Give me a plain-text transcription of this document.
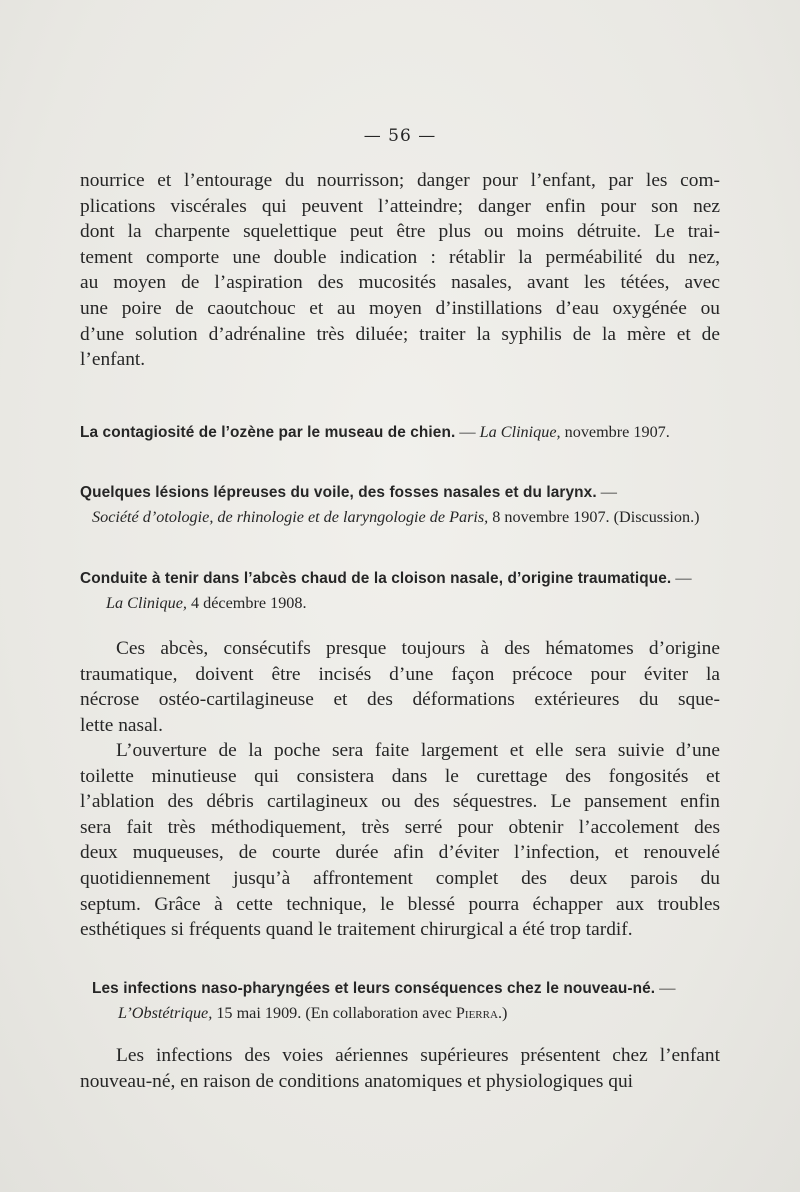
— 56 —

nourrice et l’entourage du nourrisson; danger pour l’enfant, par les com-
plications viscérales qui peuvent l’atteindre; danger enfin pour son nez
dont la charpente squelettique peut être plus ou moins détruite. Le trai-
tement comporte une double indication : rétablir la perméabilité du nez,
au moyen de l’aspiration des mucosités nasales, avant les tétées, avec
une poire de caoutchouc et au moyen d’instillations d’eau oxygénée ou
d’une solution d’adrénaline très diluée; traiter la syphilis de la mère et de
l’enfant.

La contagiosité de l’ozène par le museau de chien. — La Clinique, novembre 1907.
Quelques lésions lépreuses du voile, des fosses nasales et du larynx. —

Société d’otologie, de rhinologie et de laryngologie de Paris, 8 novembre 1907. (Discussion.)
Conduite à tenir dans l’abcès chaud de la cloison nasale, d’origine traumatique. —

La Clinique, 4 décembre 1908.

Ces abcès, consécutifs presque toujours à des hématomes d’origine
traumatique, doivent être incisés d’une façon précoce pour éviter la
nécrose ostéo-cartilagineuse et des déformations extérieures du sque-
lette nasal.

L’ouverture de la poche sera faite largement et elle sera suivie d’une
toilette minutieuse qui consistera dans le curettage des fongosités et
l’ablation des débris cartilagineux ou des séquestres. Le pansement enfin
sera fait très méthodiquement, très serré pour obtenir l’accolement des
deux muqueuses, de courte durée afin d’éviter l’infection, et renouvelé
quotidiennement jusqu’à affrontement complet des deux parois du
septum. Grâce à cette technique, le blessé pourra échapper aux troubles
esthétiques si fréquents quand le traitement chirurgical a été trop tardif.

Les infections naso-pharyngées et leurs conséquences chez le nouveau-né. —

L’Obstétrique, 15 mai 1909. (En collaboration avec Pierra.)

Les infections des voies aériennes supérieures présentent chez l’enfant
nouveau-né, en raison de conditions anatomiques et physiologiques qui
